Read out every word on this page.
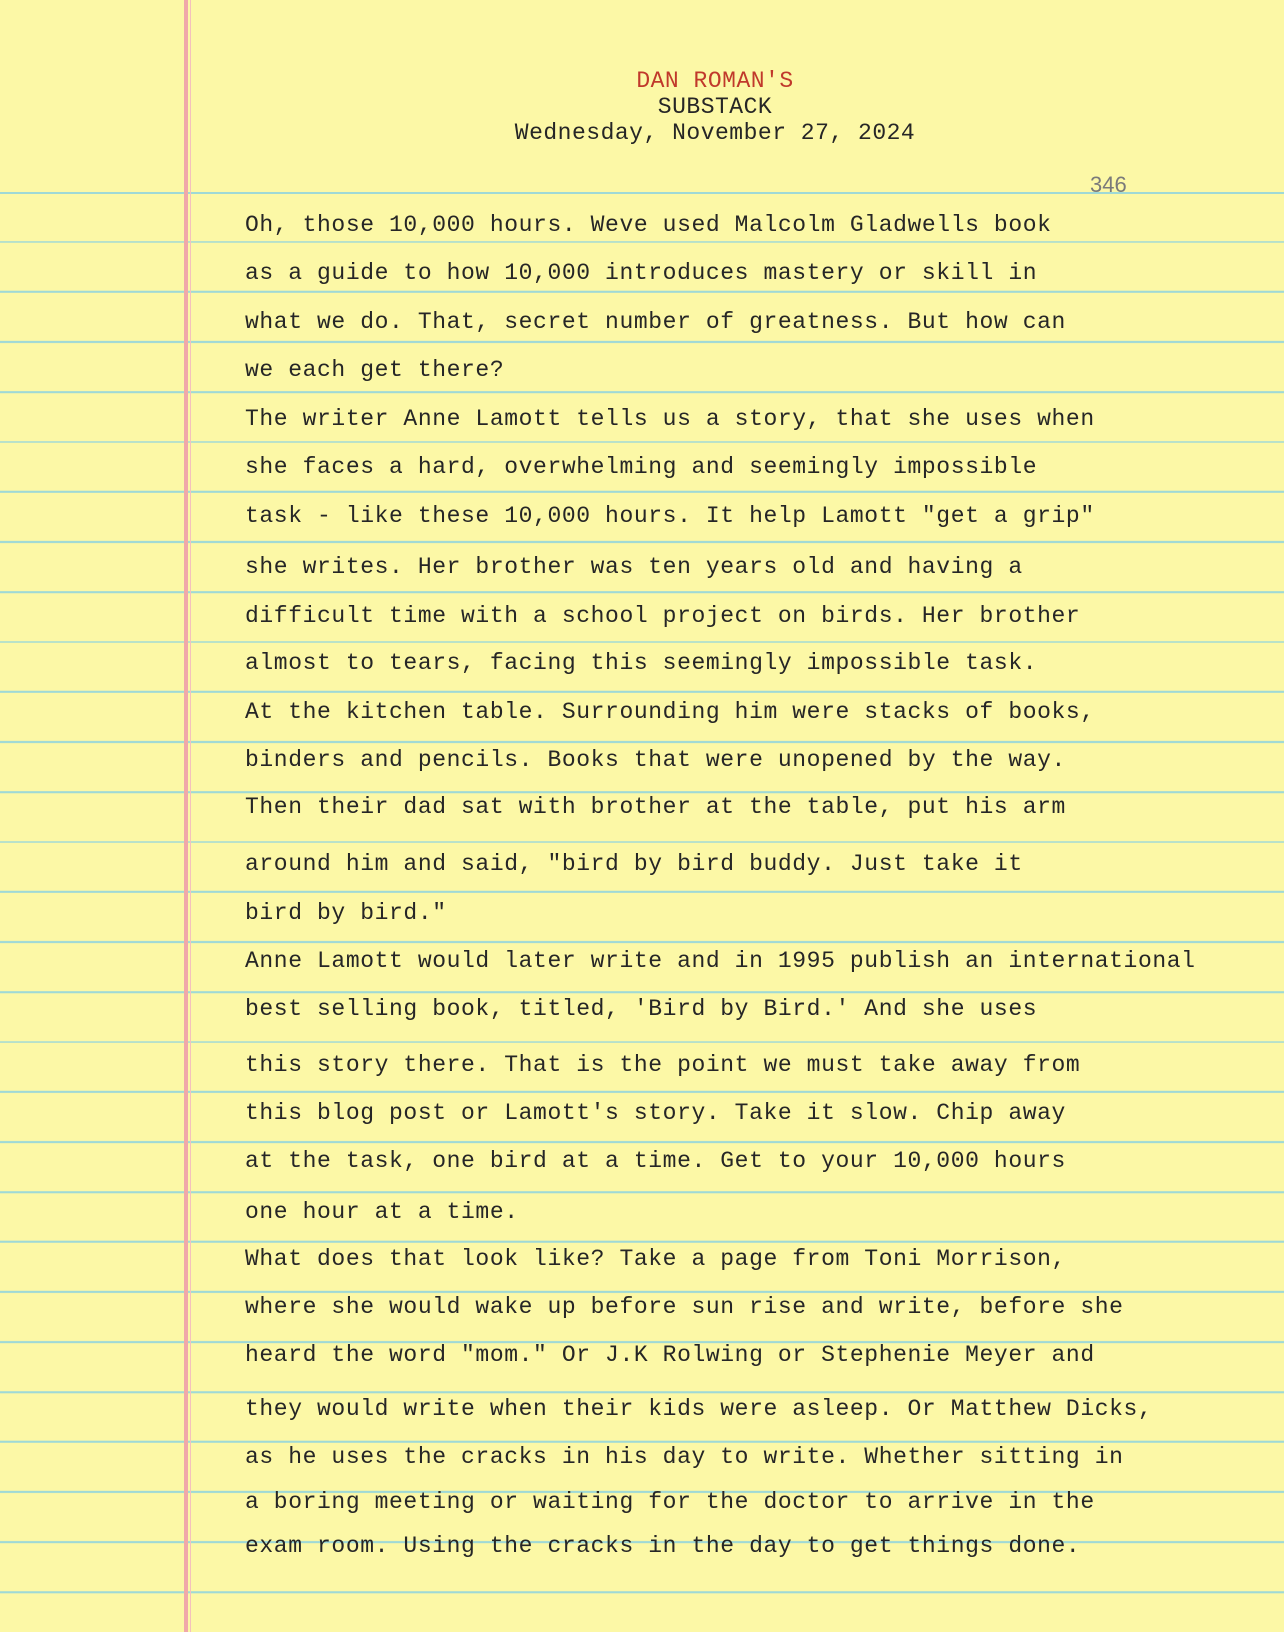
DAN ROMAN'S
SUBSTACK
Wednesday, November 27, 2024
346

Oh, those 10,000 hours. Weve used Malcolm Gladwells book

as a guide to how 10,000 introduces mastery or skill in

what we do. That, secret number of greatness. But how can

we each get there?

The writer Anne Lamott tells us a story, that she uses when

she faces a hard, overwhelming and seemingly impossible

task - like these 10,000 hours. It help Lamott "get a grip"

she writes. Her brother was ten years old and having a

difficult time with a school project on birds. Her brother

almost to tears, facing this seemingly impossible task.

At the kitchen table. Surrounding him were stacks of books,

binders and pencils. Books that were unopened by the way.

Then their dad sat with brother at the table, put his arm

around him and said, "bird by bird buddy. Just take it

bird by bird."

Anne Lamott would later write and in 1995 publish an international

best selling book, titled, 'Bird by Bird.' And she uses

this story there. That is the point we must take away from

this blog post or Lamott's story. Take it slow. Chip away

at the task, one bird at a time. Get to your 10,000 hours

one hour at a time.

What does that look like? Take a page from Toni Morrison,

where she would wake up before sun rise and write, before she

heard the word "mom." Or J.K Rolwing or Stephenie Meyer and

they would write when their kids were asleep. Or Matthew Dicks,

as he uses the cracks in his day to write. Whether sitting in

a boring meeting or waiting for the doctor to arrive in the

exam room. Using the cracks in the day to get things done.
